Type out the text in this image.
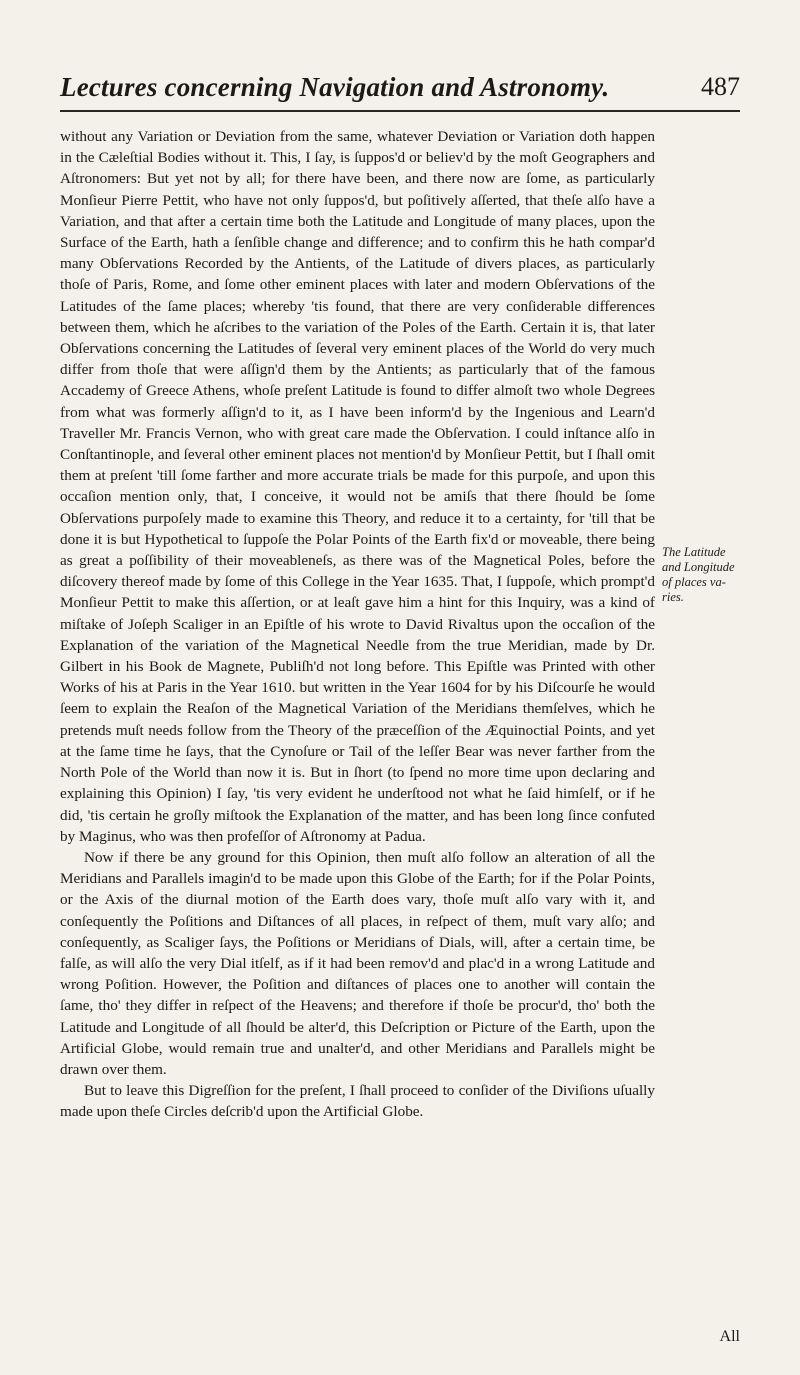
Lectures concerning Navigation and Astronomy.	487

without any Variation or Deviation from the same, whatever Deviation or Variation doth happen in the Cæleſtial Bodies without it. This, I ſay, is ſuppos'd or believ'd by the moſt Geographers and Aſtronomers: But yet not by all; for there have been, and there now are ſome, as particularly Monſieur Pierre Pettit, who have not only ſuppos'd, but poſitively aſſerted, that theſe alſo have a Variation, and that after a certain time both the Latitude and Longitude of many places, upon the Surface of the Earth, hath a ſenſible change and difference; and to confirm this he hath compar'd many Obſervations Recorded by the Antients, of the Latitude of divers places, as particularly thoſe of Paris, Rome, and ſome other eminent places with later and modern Obſervations of the Latitudes of the ſame places; whereby 'tis found, that there are very conſiderable differences between them, which he aſcribes to the variation of the Poles of the Earth. Certain it is, that later Obſervations concerning the Latitudes of ſeveral very eminent places of the World do very much differ from thoſe that were aſſign'd them by the Antients; as particularly that of the famous Accademy of Greece Athens, whoſe preſent Latitude is found to differ almoſt two whole Degrees from what was formerly aſſign'd to it, as I have been inform'd by the Ingenious and Learn'd Traveller Mr. Francis Vernon, who with great care made the Obſervation. I could inſtance alſo in Conſtantinople, and ſeveral other eminent places not mention'd by Monſieur Pettit, but I ſhall omit them at preſent 'till ſome farther and more accurate trials be made for this purpoſe, and upon this occaſion mention only, that, I conceive, it would not be amiſs that there ſhould be ſome Obſervations purpoſely made to examine this Theory, and reduce it to a certainty, for 'till that be done it is but Hypothetical to ſuppoſe the Polar Points of the Earth fix'd or moveable, there being as great a poſſibility of their moveableneſs, as there was of the Magnetical Poles, before the diſcovery thereof made by ſome of this College in the Year 1635. That, I ſuppoſe, which prompt'd Monſieur Pettit to make this aſſertion, or at leaſt gave him a hint for this Inquiry, was a kind of miſtake of Joſeph Scaliger in an Epiſtle of his wrote to David Rivaltus upon the occaſion of the Explanation of the variation of the Magnetical Needle from the true Meridian, made by Dr. Gilbert in his Book de Magnete, Publiſh'd not long before. This Epiſtle was Printed with other Works of his at Paris in the Year 1610. but written in the Year 1604 for by his Diſcourſe he would ſeem to explain the Reaſon of the Magnetical Variation of the Meridians themſelves, which he pretends muſt needs follow from the Theory of the præceſſion of the Æquinoctial Points, and yet at the ſame time he ſays, that the Cynoſure or Tail of the leſſer Bear was never farther from the North Pole of the World than now it is. But in ſhort (to ſpend no more time upon declaring and explaining this Opinion) I ſay, 'tis very evident he underſtood not what he ſaid himſelf, or if he did, 'tis certain he groſly miſtook the Explanation of the matter, and has been long ſince confuted by Maginus, who was then profeſſor of Aſtronomy at Padua.

Now if there be any ground for this Opinion, then muſt alſo follow an alteration of all the Meridians and Parallels imagin'd to be made upon this Globe of the Earth; for if the Polar Points, or the Axis of the diurnal motion of the Earth does vary, thoſe muſt alſo vary with it, and conſequently the Poſitions and Diſtances of all places, in reſpect of them, muſt vary alſo; and conſequently, as Scaliger ſays, the Poſitions or Meridians of Dials, will, after a certain time, be falſe, as will alſo the very Dial itſelf, as if it had been remov'd and plac'd in a wrong Latitude and wrong Poſition. However, the Poſition and diſtances of places one to another will contain the ſame, tho' they differ in reſpect of the Heavens; and therefore if thoſe be procur'd, tho' both the Latitude and Longitude of all ſhould be alter'd, this Deſcription or Picture of the Earth, upon the Artificial Globe, would remain true and unalter'd, and other Meridians and Parallels might be drawn over them.

But to leave this Digreſſion for the preſent, I ſhall proceed to conſider of the Diviſions uſually made upon theſe Circles deſcrib'd upon the Artificial Globe.

The Latitude and Longitude of places va-ries.
All
